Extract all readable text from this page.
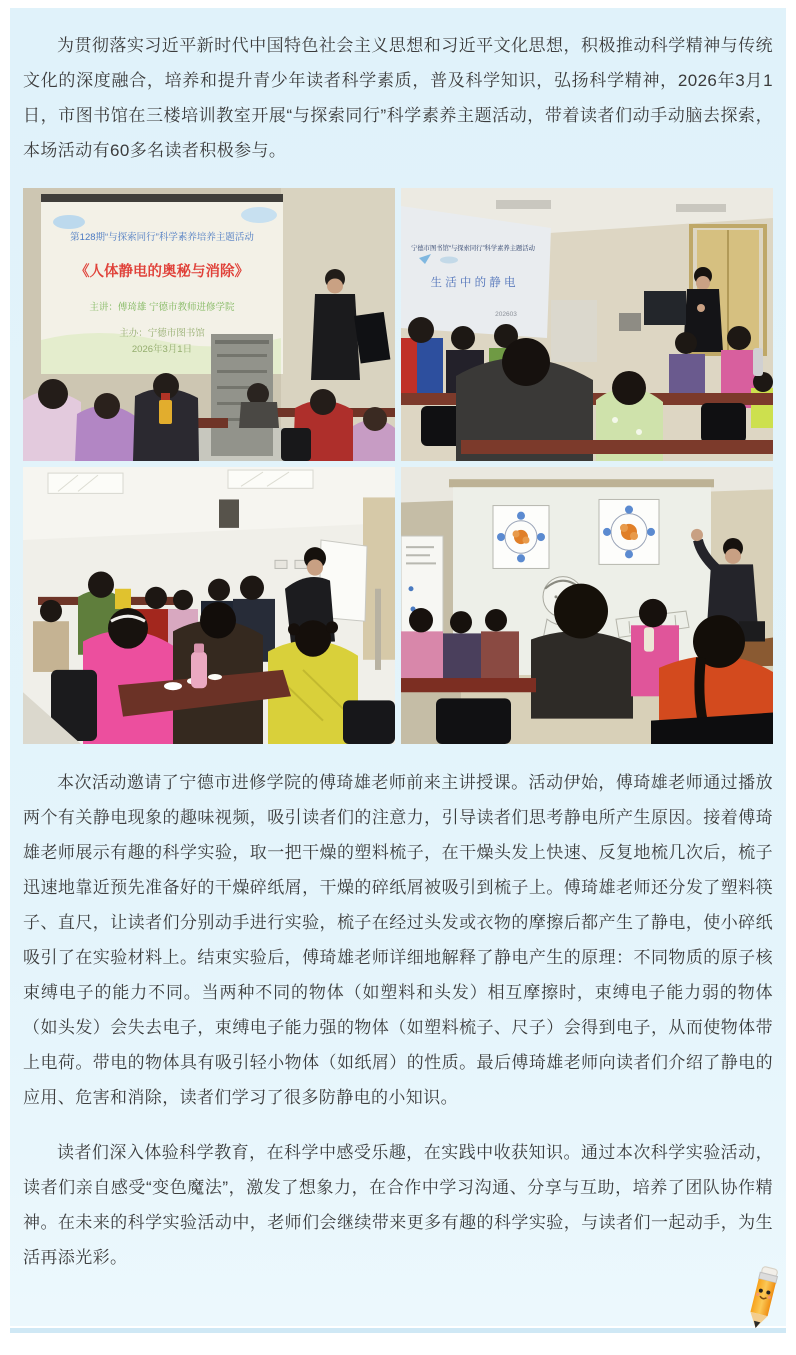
为贯彻落实习近平新时代中国特色社会主义思想和习近平文化思想，积极推动科学精神与传统文化的深度融合，培养和提升青少年读者科学素质，普及科学知识，弘扬科学精神，2026年3月1日，市图书馆在三楼培训教室开展“与探索同行”科学素养主题活动，带着读者们动手动脑去探索，本场活动有60多名读者积极参与。

第128期“与探索同行”科学素养培养主题活动
《人体静电的奥秘与消除》
主讲：傅琦雄 宁德市教师进修学院
主办：宁德市图书馆
2026年3月1日
宁德市图书馆“与探索同行”科学素养主题活动
生 活 中 的 静 电
202603

本次活动邀请了宁德市进修学院的傅琦雄老师前来主讲授课。活动伊始，傅琦雄老师通过播放两个有关静电现象的趣味视频，吸引读者们的注意力，引导读者们思考静电所产生原因。接着傅琦雄老师展示有趣的科学实验，取一把干燥的塑料梳子，在干燥头发上快速、反复地梳几次后，梳子迅速地靠近预先准备好的干燥碎纸屑，干燥的碎纸屑被吸引到梳子上。傅琦雄老师还分发了塑料筷子、直尺，让读者们分别动手进行实验，梳子在经过头发或衣物的摩擦后都产生了静电，使小碎纸吸引了在实验材料上。结束实验后，傅琦雄老师详细地解释了静电产生的原理：不同物质的原子核束缚电子的能力不同。当两种不同的物体（如塑料和头发）相互摩擦时，束缚电子能力弱的物体（如头发）会失去电子，束缚电子能力强的物体（如塑料梳子、尺子）会得到电子，从而使物体带上电荷。带电的物体具有吸引轻小物体（如纸屑）的性质。最后傅琦雄老师向读者们介绍了静电的应用、危害和消除，读者们学习了很多防静电的小知识。

读者们深入体验科学教育，在科学中感受乐趣，在实践中收获知识。通过本次科学实验活动，读者们亲自感受“变色魔法”，激发了想象力，在合作中学习沟通、分享与互助，培养了团队协作精神。在未来的科学实验活动中，老师们会继续带来更多有趣的科学实验，与读者们一起动手，为生活再添光彩。
